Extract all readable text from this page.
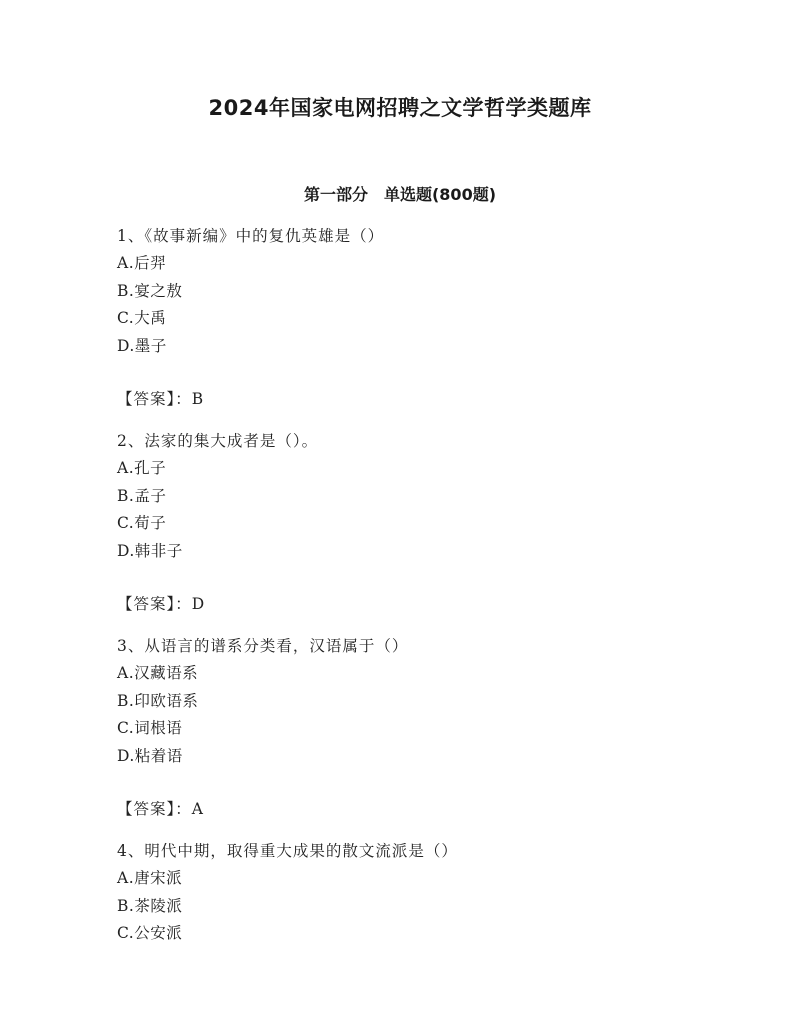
2024年国家电网招聘之文学哲学类题库
第一部分　单选题(800题)
1、《故事新编》中的复仇英雄是（）
A.后羿
B.宴之敖
C.大禹
D.墨子
【答案】：B
2、法家的集大成者是（）。
A.孔子
B.孟子
C.荀子
D.韩非子
【答案】：D
3、从语言的谱系分类看，汉语属于（）
A.汉藏语系
B.印欧语系
C.词根语
D.粘着语
【答案】：A
4、明代中期，取得重大成果的散文流派是（）
A.唐宋派
B.茶陵派
C.公安派
